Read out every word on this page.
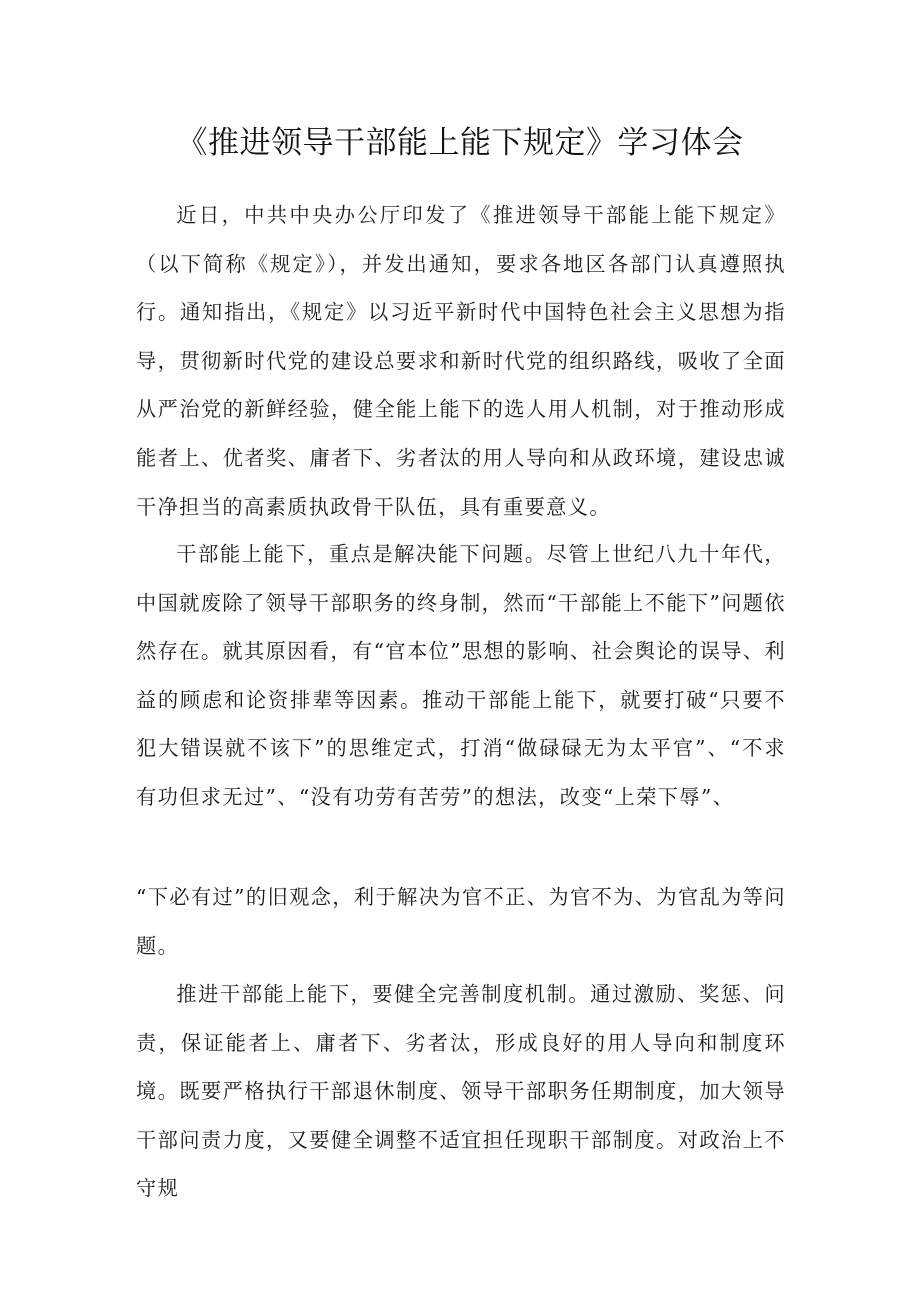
《推进领导干部能上能下规定》学习体会

近日，中共中央办公厅印发了《推进领导干部能上能下规定》（以下简称《规定》），并发出通知，要求各地区各部门认真遵照执行。通知指出，《规定》以习近平新时代中国特色社会主义思想为指导，贯彻新时代党的建设总要求和新时代党的组织路线，吸收了全面从严治党的新鲜经验，健全能上能下的选人用人机制，对于推动形成能者上、优者奖、庸者下、劣者汰的用人导向和从政环境，建设忠诚干净担当的高素质执政骨干队伍，具有重要意义。

干部能上能下，重点是解决能下问题。尽管上世纪八九十年代，中国就废除了领导干部职务的终身制，然而“干部能上不能下”问题依然存在。就其原因看，有“官本位”思想的影响、社会舆论的误导、利益的顾虑和论资排辈等因素。推动干部能上能下，就要打破“只要不犯大错误就不该下”的思维定式，打消“做碌碌无为太平官”、“不求有功但求无过”、“没有功劳有苦劳”的想法，改变“上荣下辱”、

“下必有过”的旧观念，利于解决为官不正、为官不为、为官乱为等问题。

推进干部能上能下，要健全完善制度机制。通过激励、奖惩、问责，保证能者上、庸者下、劣者汰，形成良好的用人导向和制度环境。既要严格执行干部退休制度、领导干部职务任期制度，加大领导干部问责力度，又要健全调整不适宜担任现职干部制度。对政治上不守规
